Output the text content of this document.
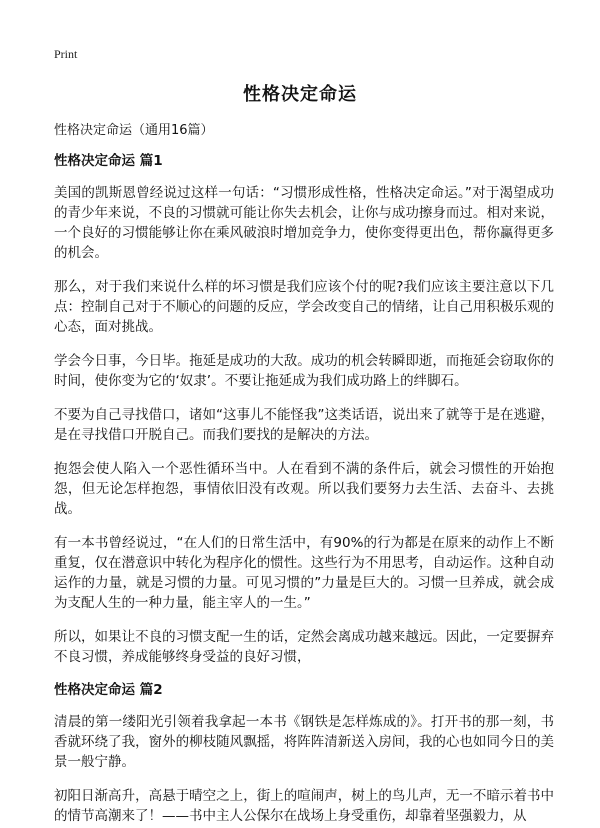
Print
性格决定命运
性格决定命运（通用16篇）
性格决定命运 篇1

美国的凯斯恩曾经说过这样一句话：“习惯形成性格，性格决定命运。”对于渴望成功的青少年来说，不良的习惯就可能让你失去机会，让你与成功擦身而过。相对来说，一个良好的习惯能够让你在乘风破浪时增加竞争力，使你变得更出色，帮你赢得更多的机会。

那么，对于我们来说什么样的坏习惯是我们应该个付的呢?我们应该主要注意以下几点：控制自己对于不顺心的问题的反应，学会改变自己的情绪，让自己用积极乐观的心态，面对挑战。

学会今日事，今日毕。拖延是成功的大敌。成功的机会转瞬即逝，而拖延会窃取你的时间，使你变为它的‘奴隶’。不要让拖延成为我们成功路上的绊脚石。

不要为自己寻找借口，诸如“这事儿不能怪我”这类话语，说出来了就等于是在逃避，是在寻找借口开脱自己。而我们要找的是解决的方法。

抱怨会使人陷入一个恶性循环当中。人在看到不满的条件后，就会习惯性的开始抱怨，但无论怎样抱怨，事情依旧没有改观。所以我们要努力去生活、去奋斗、去挑战。

有一本书曾经说过，“在人们的日常生活中，有90%的行为都是在原来的动作上不断重复，仅在潜意识中转化为程序化的惯性。这些行为不用思考，自动运作。这种自动运作的力量，就是习惯的力量。可见习惯的”力量是巨大的。习惯一旦养成，就会成为支配人生的一种力量，能主宰人的一生。”

所以，如果让不良的习惯支配一生的话，定然会离成功越来越远。因此，一定要摒弃不良习惯，养成能够终身受益的良好习惯，

性格决定命运 篇2

清晨的第一缕阳光引领着我拿起一本书《钢铁是怎样炼成的》。打开书的那一刻，书香就环绕了我，窗外的柳枝随风飘摇，将阵阵清新送入房间，我的心也如同今日的美景一般宁静。

初阳日渐高升，高悬于晴空之上，街上的喧闹声，树上的鸟儿声，无一不暗示着书中的情节高潮来了！——书中主人公保尔在战场上身受重伤，却靠着坚强毅力，从
